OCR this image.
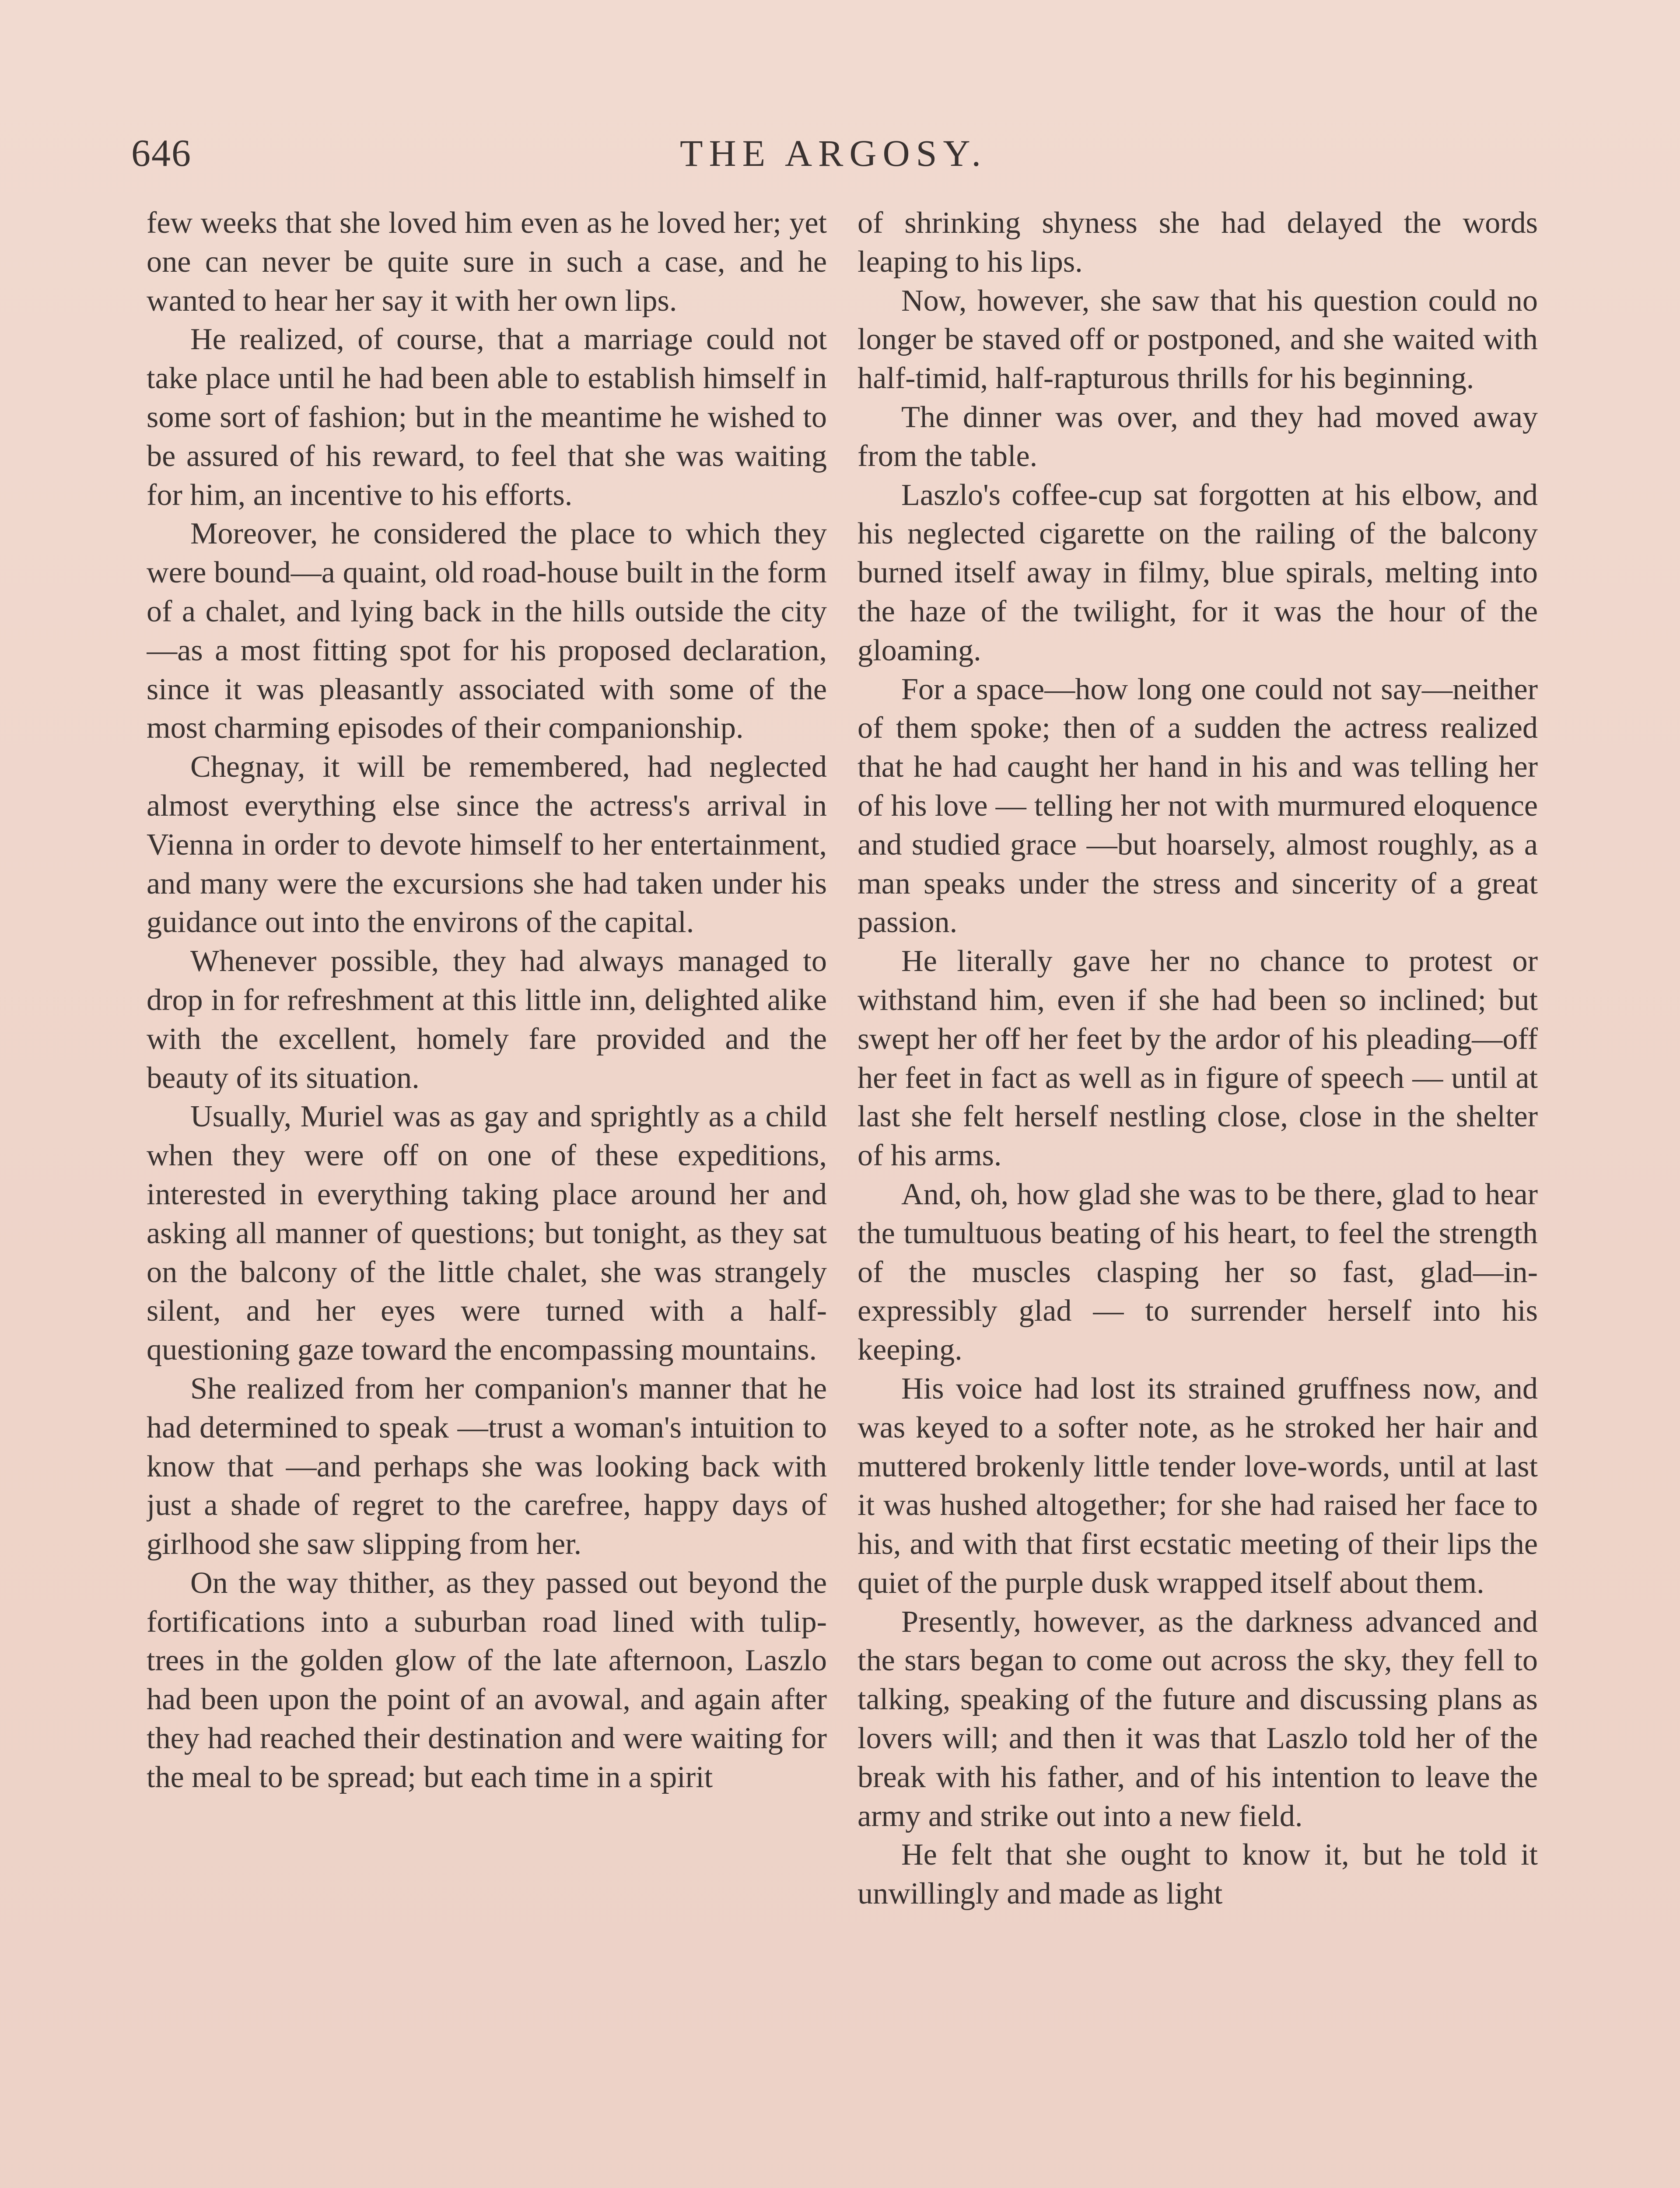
646	THE ARGOSY.

few weeks that she loved him even as he loved her; yet one can never be quite sure in such a case, and he wanted to hear her say it with her own lips.

He realized, of course, that a marriage could not take place until he had been able to establish himself in some sort of fashion; but in the meantime he wished to be assured of his reward, to feel that she was waiting for him, an incentive to his efforts.

Moreover, he considered the place to which they were bound—a quaint, old road-house built in the form of a chalet, and lying back in the hills outside the city—as a most fitting spot for his proposed declaration, since it was pleasantly associated with some of the most charming episodes of their companionship.

Chegnay, it will be remembered, had neglected almost everything else since the actress's arrival in Vienna in order to devote himself to her entertainment, and many were the excursions she had taken under his guidance out into the environs of the capital.

Whenever possible, they had always managed to drop in for refreshment at this little inn, delighted alike with the excellent, homely fare provided and the beauty of its situation.

Usually, Muriel was as gay and sprightly as a child when they were off on one of these expeditions, interested in everything taking place around her and asking all manner of questions; but tonight, as they sat on the balcony of the little chalet, she was strangely silent, and her eyes were turned with a half-questioning gaze toward the encompassing mountains.

She realized from her companion's manner that he had determined to speak —trust a woman's intuition to know that —and perhaps she was looking back with just a shade of regret to the carefree, happy days of girlhood she saw slipping from her.

On the way thither, as they passed out beyond the fortifications into a suburban road lined with tulip-trees in the golden glow of the late afternoon, Laszlo had been upon the point of an avowal, and again after they had reached their destination and were waiting for the meal to be spread; but each time in a spirit

of shrinking shyness she had delayed the words leaping to his lips.

Now, however, she saw that his question could no longer be staved off or postponed, and she waited with half-timid, half-rapturous thrills for his beginning.

The dinner was over, and they had moved away from the table.

Laszlo's coffee-cup sat forgotten at his elbow, and his neglected cigarette on the railing of the balcony burned itself away in filmy, blue spirals, melting into the haze of the twilight, for it was the hour of the gloaming.

For a space—how long one could not say—neither of them spoke; then of a sudden the actress realized that he had caught her hand in his and was telling her of his love — telling her not with murmured eloquence and studied grace —but hoarsely, almost roughly, as a man speaks under the stress and sincerity of a great passion.

He literally gave her no chance to protest or withstand him, even if she had been so inclined; but swept her off her feet by the ardor of his pleading—off her feet in fact as well as in figure of speech — until at last she felt herself nestling close, close in the shelter of his arms.

And, oh, how glad she was to be there, glad to hear the tumultuous beating of his heart, to feel the strength of the muscles clasping her so fast, glad—inexpressibly glad — to surrender herself into his keeping.

His voice had lost its strained gruffness now, and was keyed to a softer note, as he stroked her hair and muttered brokenly little tender love-words, until at last it was hushed altogether; for she had raised her face to his, and with that first ecstatic meeting of their lips the quiet of the purple dusk wrapped itself about them.

Presently, however, as the darkness advanced and the stars began to come out across the sky, they fell to talking, speaking of the future and discussing plans as lovers will; and then it was that Laszlo told her of the break with his father, and of his intention to leave the army and strike out into a new field.

He felt that she ought to know it, but he told it unwillingly and made as light
